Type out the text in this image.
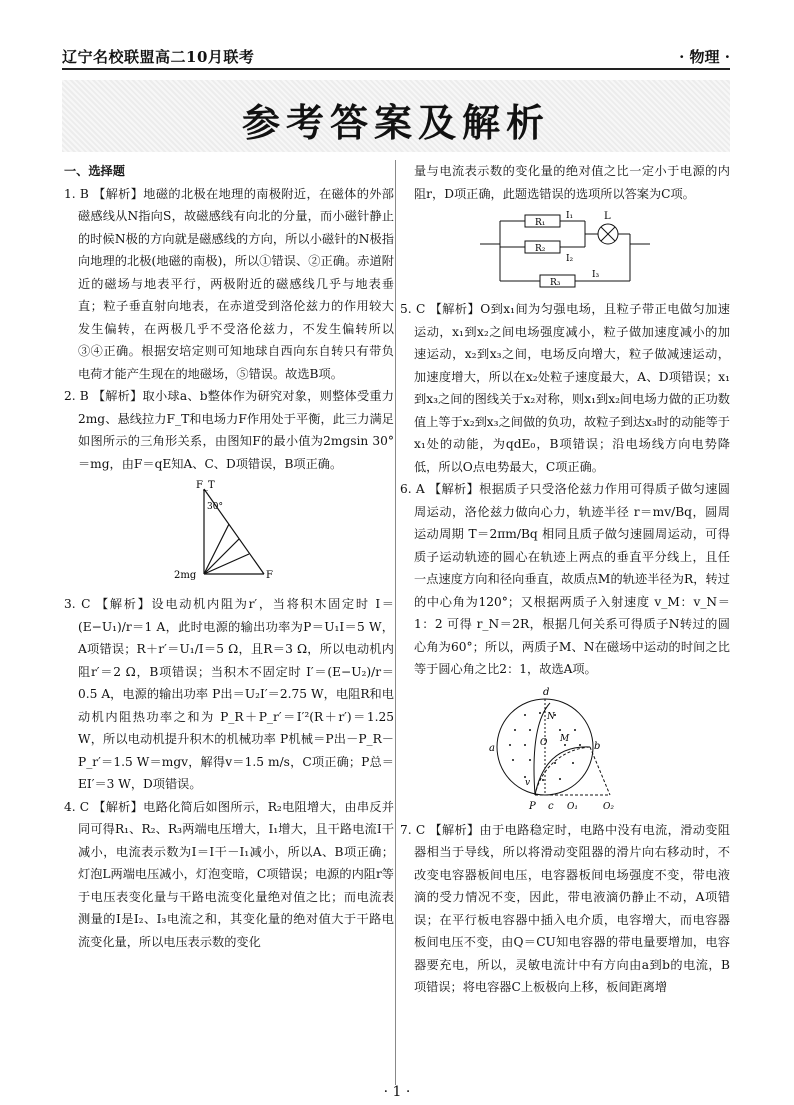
辽宁名校联盟高二10月联考	· 物理 ·
参考答案及解析

一、选择题

1. B 【解析】地磁的北极在地理的南极附近，在磁体的外部磁感线从N指向S，故磁感线有向北的分量，而小磁针静止的时候N极的方向就是磁感线的方向，所以小磁针的N极指向地理的北极(地磁的南极)，所以①错误、②正确。赤道附近的磁场与地表平行，两极附近的磁感线几乎与地表垂直；粒子垂直射向地表，在赤道受到洛伦兹力的作用较大发生偏转，在两极几乎不受洛伦兹力，不发生偏转所以③④正确。根据安培定则可知地球自西向东自转只有带负电荷才能产生现在的地磁场，⑤错误。故选B项。

2. B 【解析】取小球a、b整体作为研究对象，则整体受重力2mg、悬线拉力F_T和电场力F作用处于平衡，此三力满足如图所示的三角形关系，由图知F的最小值为2mgsin 30°＝mg，由F＝qE知A、C、D项错误，B项正确。

F_T
30°
2mg	F

3. C 【解析】设电动机内阻为r′，当将积木固定时 I＝(E−U₁)/r＝1 A，此时电源的输出功率为P＝U₁I＝5 W，A项错误；R＋r′＝U₁/I＝5 Ω，且R＝3 Ω，所以电动机内阻r′＝2 Ω，B项错误；当积木不固定时 I′＝(E−U₂)/r＝0.5 A，电源的输出功率 P出＝U₂I′＝2.75 W，电阻R和电动机内阻热功率之和为 P_R＋P_r′＝I′²(R＋r′)＝1.25 W，所以电动机提升积木的机械功率 P机械＝P出－P_R－P_r′＝1.5 W＝mgv，解得v＝1.5 m/s，C项正确；P总＝EI′＝3 W，D项错误。

4. C 【解析】电路化简后如图所示，R₂电阻增大，由串反并同可得R₁、R₂、R₃两端电压增大，I₁增大，且干路电流I干减小，电流表示数为I＝I干－I₁减小，所以A、B项正确；灯泡L两端电压减小，灯泡变暗，C项错误；电源的内阻r等于电压表变化量与干路电流变化量绝对值之比；而电流表测量的I是I₂、I₃电流之和，其变化量的绝对值大于干路电流变化量，所以电压表示数的变化

量与电流表示数的变化量的绝对值之比一定小于电源的内阻r，D项正确，此题选错误的选项所以答案为C项。

R₁
I₁
R₂
I₂
L
R₃
I₃

5. C 【解析】O到x₁间为匀强电场，且粒子带正电做匀加速运动，x₁到x₂之间电场强度减小，粒子做加速度减小的加速运动，x₂到x₃之间，电场反向增大，粒子做减速运动，加速度增大，所以在x₂处粒子速度最大，A、D项错误；x₁到x₃之间的图线关于x₂对称，则x₁到x₂间电场力做的正功数值上等于x₂到x₃之间做的负功，故粒子到达x₃时的动能等于x₁处的动能，为qdE₀，B项错误；沿电场线方向电势降低，所以O点电势最大，C项正确。

6. A 【解析】根据质子只受洛伦兹力作用可得质子做匀速圆周运动，洛伦兹力做向心力，轨迹半径 r＝mv/Bq，圆周运动周期 T＝2πm/Bq 相同且质子做匀速圆周运动，可得质子运动轨迹的圆心在轨迹上两点的垂直平分线上，且任一点速度方向和径向垂直，故质点M的轨迹半径为R，转过的中心角为120°；又根据两质子入射速度 v_M：v_N＝1：2 可得 r_N＝2R，根据几何关系可得质子N转过的圆心角为60°；所以，两质子M、N在磁场中运动的时间之比等于圆心角之比2：1，故选A项。

d
a	b
N
O M
v
P c O₁	O₂

7. C 【解析】由于电路稳定时，电路中没有电流，滑动变阻器相当于导线，所以将滑动变阻器的滑片向右移动时，不改变电容器板间电压，电容器板间电场强度不变，带电液滴的受力情况不变，因此，带电液滴仍静止不动，A项错误；在平行板电容器中插入电介质，电容增大，而电容器板间电压不变，由Q＝CU知电容器的带电量要增加，电容器要充电，所以，灵敏电流计中有方向由a到b的电流，B项错误；将电容器C上板极向上移，板间距离增

· 1 ·
